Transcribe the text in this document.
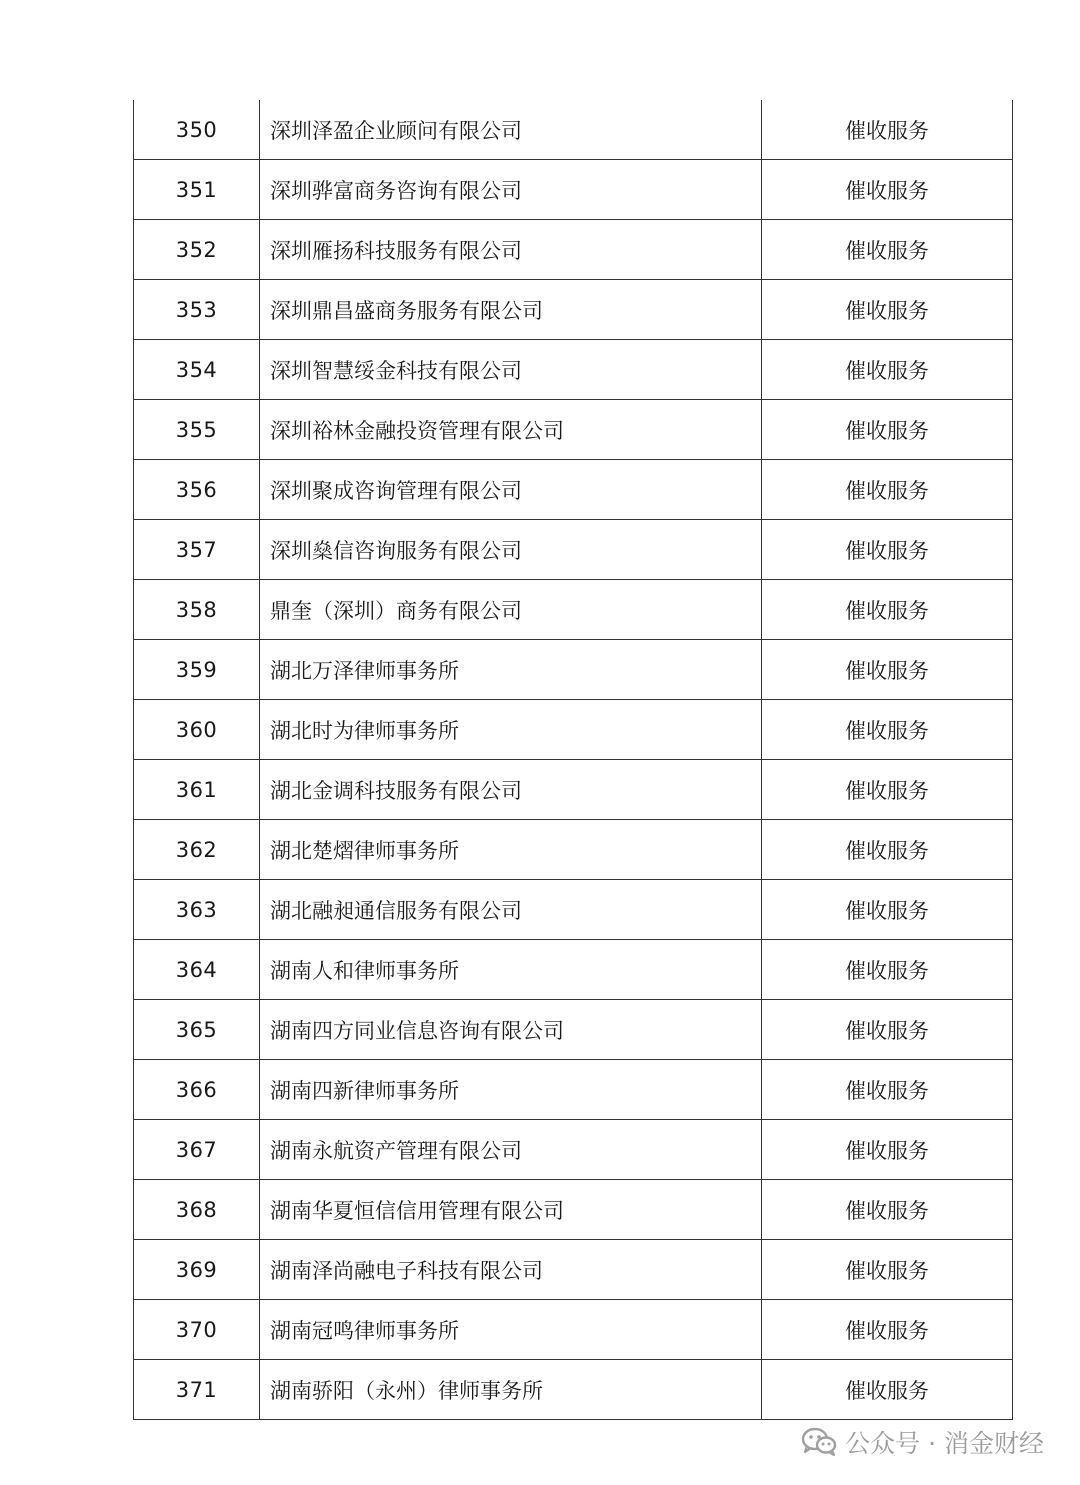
350	深圳泽盈企业顾问有限公司	催收服务
351	深圳骅富商务咨询有限公司	催收服务
352	深圳雁扬科技服务有限公司	催收服务
353	深圳鼎昌盛商务服务有限公司	催收服务
354	深圳智慧绥金科技有限公司	催收服务
355	深圳裕林金融投资管理有限公司	催收服务
356	深圳聚成咨询管理有限公司	催收服务
357	深圳燊信咨询服务有限公司	催收服务
358	鼎奎（深圳）商务有限公司	催收服务
359	湖北万泽律师事务所	催收服务
360	湖北时为律师事务所	催收服务
361	湖北金调科技服务有限公司	催收服务
362	湖北楚熠律师事务所	催收服务
363	湖北融昶通信服务有限公司	催收服务
364	湖南人和律师事务所	催收服务
365	湖南四方同业信息咨询有限公司	催收服务
366	湖南四新律师事务所	催收服务
367	湖南永航资产管理有限公司	催收服务
368	湖南华夏恒信信用管理有限公司	催收服务
369	湖南泽尚融电子科技有限公司	催收服务
370	湖南冠鸣律师事务所	催收服务
371	湖南骄阳（永州）律师事务所	催收服务
公众号 · 消金财经
